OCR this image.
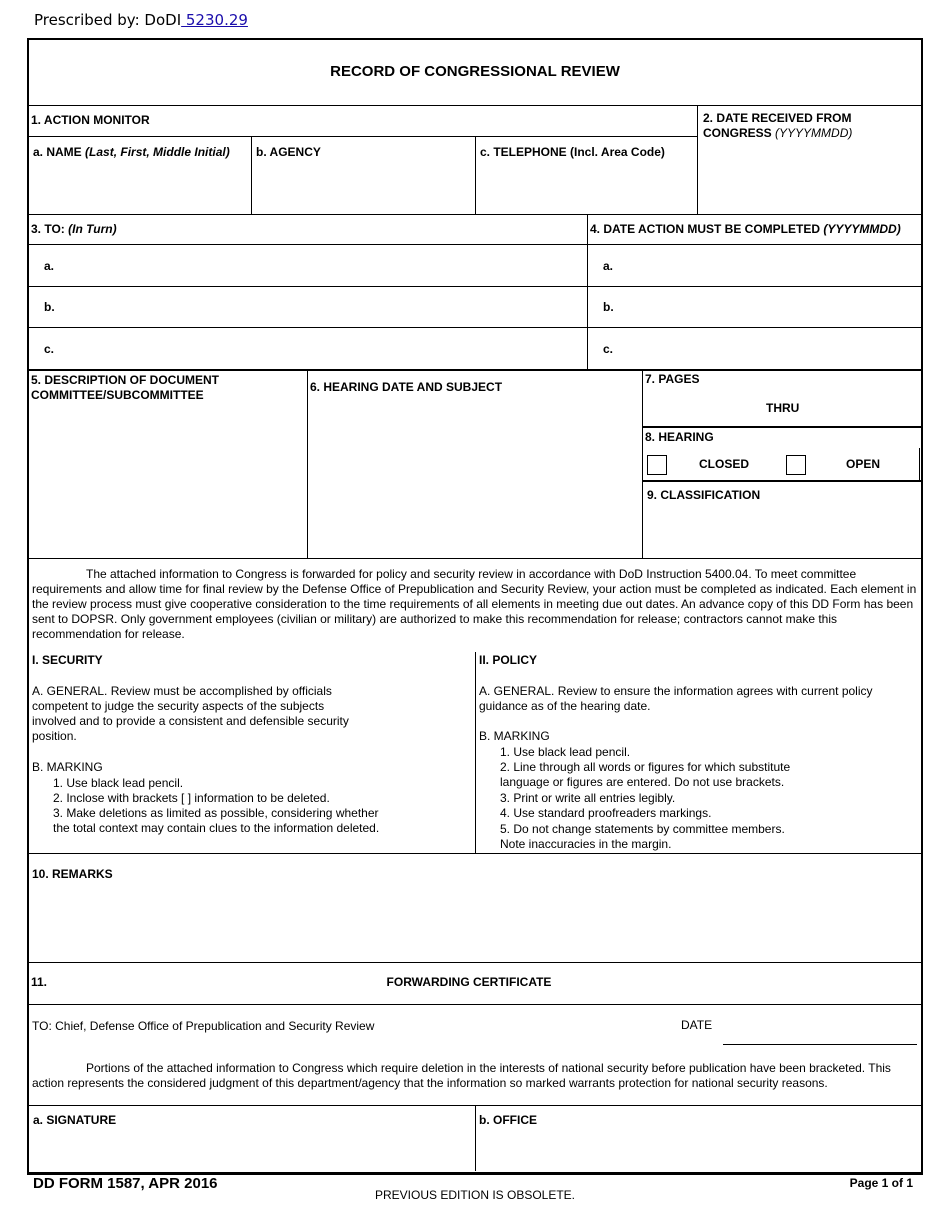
Prescribed by: DoDI 5230.29
RECORD OF CONGRESSIONAL REVIEW
1. ACTION MONITOR	2. DATE RECEIVED FROM
CONGRESS (YYYYMMDD)
a. NAME (Last, First, Middle Initial) b. AGENCY	c. TELEPHONE (Incl. Area Code)
3. TO: (In Turn)	4. DATE ACTION MUST BE COMPLETED (YYYYMMDD)
a.	a.
b.	b.
c.	c.
5. DESCRIPTION OF DOCUMENT
COMMITTEE/SUBCOMMITTEE
6. HEARING DATE AND SUBJECT
7. PAGES
THRU
8. HEARING
CLOSED	OPEN
9. CLASSIFICATION
The attached information to Congress is forwarded for policy and security review in accordance with DoD Instruction 5400.04. To meet committee requirements and allow time for final review by the Defense Office of Prepublication and Security Review, your action must be completed as indicated. Each element in the review process must give cooperative consideration to the time requirements of all elements in meeting due out dates. An advance copy of this DD Form has been sent to DOPSR. Only government employees (civilian or military) are authorized to make this recommendation for release; contractors cannot make this recommendation for release.
I. SECURITY
A. GENERAL. Review must be accomplished by officials competent to judge the security aspects of the subjects involved and to provide a consistent and defensible security position.
B. MARKING
1. Use black lead pencil.
2. Inclose with brackets [ ] information to be deleted.
3. Make deletions as limited as possible, considering whether the total context may contain clues to the information deleted.
II. POLICY
A. GENERAL. Review to ensure the information agrees with current policy guidance as of the hearing date.
B. MARKING
1. Use black lead pencil.
2. Line through all words or figures for which substitute language or figures are entered. Do not use brackets.
3. Print or write all entries legibly.
4. Use standard proofreaders markings.
5. Do not change statements by committee members.
Note inaccuracies in the margin.
10. REMARKS
11.	FORWARDING CERTIFICATE
TO: Chief, Defense Office of Prepublication and Security Review	DATE
Portions of the attached information to Congress which require deletion in the interests of national security before publication have been bracketed. This action represents the considered judgment of this department/agency that the information so marked warrants protection for national security reasons.
a. SIGNATURE	b. OFFICE
DD FORM 1587, APR 2016
PREVIOUS EDITION IS OBSOLETE.
Page 1 of 1
